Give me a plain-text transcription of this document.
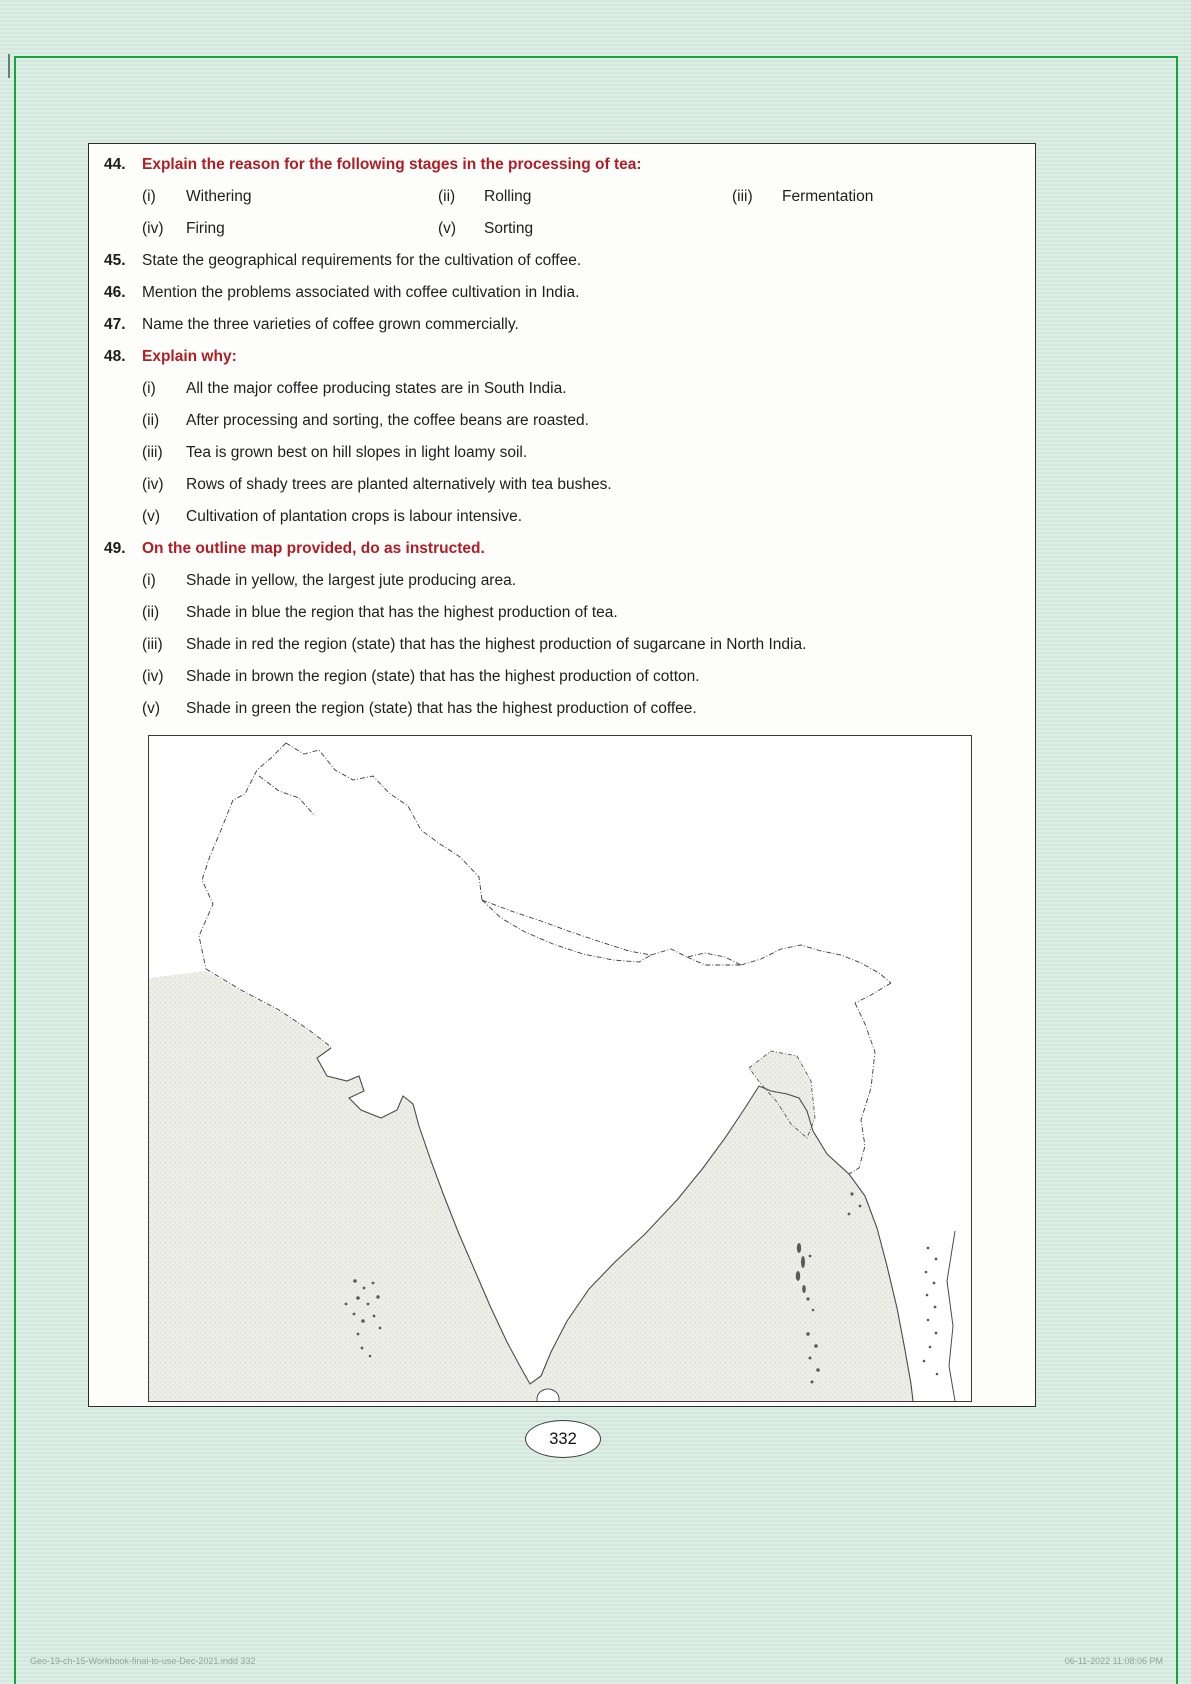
44.	Explain the reason for the following stages in the processing of tea:
(i)	Withering	(ii)	Rolling	(iii)	Fermentation
(iv)	Firing	(v)	Sorting
45.	State the geographical requirements for the cultivation of coffee.
46.	Mention the problems associated with coffee cultivation in India.
47.	Name the three varieties of coffee grown commercially.
48.	Explain why:
(i)	All the major coffee producing states are in South India.
(ii)	After processing and sorting, the coffee beans are roasted.
(iii)	Tea is grown best on hill slopes in light loamy soil.
(iv)	Rows of shady trees are planted alternatively with tea bushes.
(v)	Cultivation of plantation crops is labour intensive.
49.	On the outline map provided, do as instructed.
(i)	Shade in yellow, the largest jute producing area.
(ii)	Shade in blue the region that has the highest production of tea.
(iii)	Shade in red the region (state) that has the highest production of sugarcane in North India.
(iv)	Shade in brown the region (state) that has the highest production of cotton.
(v)	Shade in green the region (state) that has the highest production of coffee.
332
Geo-19-ch-15-Workbook-final-to-use-Dec-2021.indd 332	06-11-2022 11:08:06 PM
